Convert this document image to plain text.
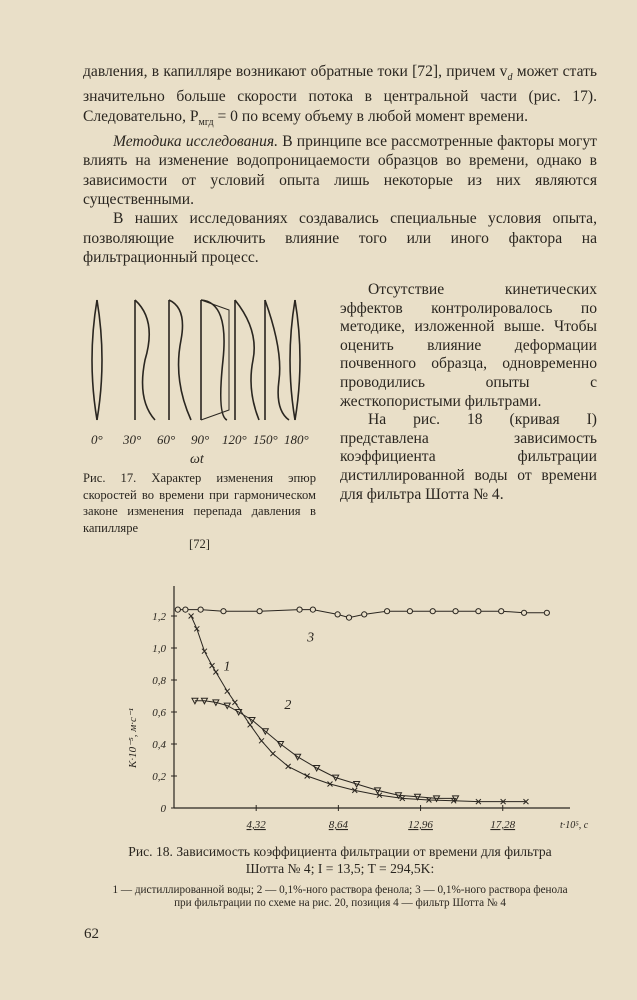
давления, в капилляре возникают обратные токи [72], причем $v_d$ может стать значительно больше скорости потока в центральной части (рис. 17). Следовательно, $P_{мгд} = 0$ по всему объему в любой момент времени.

Методика исследования. В принципе все рассмотренные факторы могут влиять на изменение водопроницаемости образцов во времени, однако в зависимости от условий опыта лишь некоторые из них являются существенными.

В наших исследованиях создавались специальные условия опыта, позволяющие исключить влияние того или иного фактора на фильтрационный процесс.

0° 30° 60° 90° 120° 150° 180°
ωt
Рис. 17. Характер изменения эпюр скоростей во времени при гармоническом законе изменения перепада давления в капилляре
[72]

Отсутствие кинетических эффектов контролировалось по методике, изложенной выше. Чтобы оценить влияние деформации почвенного образца, одновременно проводились опыты с жесткопористыми фильтрами.

На рис. 18 (кривая I) представлена зависимость коэффициента фильтрации дистиллированной воды от времени для фильтра Шотта № 4.

0
0,2
0,4
0,6
0,8
1,0
1,2
4,32	8,64	12,96	17,28	t·10⁵, с
K·10⁻⁵, м·с⁻¹
1
2
3
Рис. 18. Зависимость коэффициента фильтрации от времени для фильтра Шотта № 4; I = 13,5; T = 294,5K:
1 — дистиллированной воды; 2 — 0,1%-ного раствора фенола; 3 — 0,1%-ного раствора фенола при фильтрации по схеме на рис. 20, позиция 4 — фильтр Шотта № 4
62
